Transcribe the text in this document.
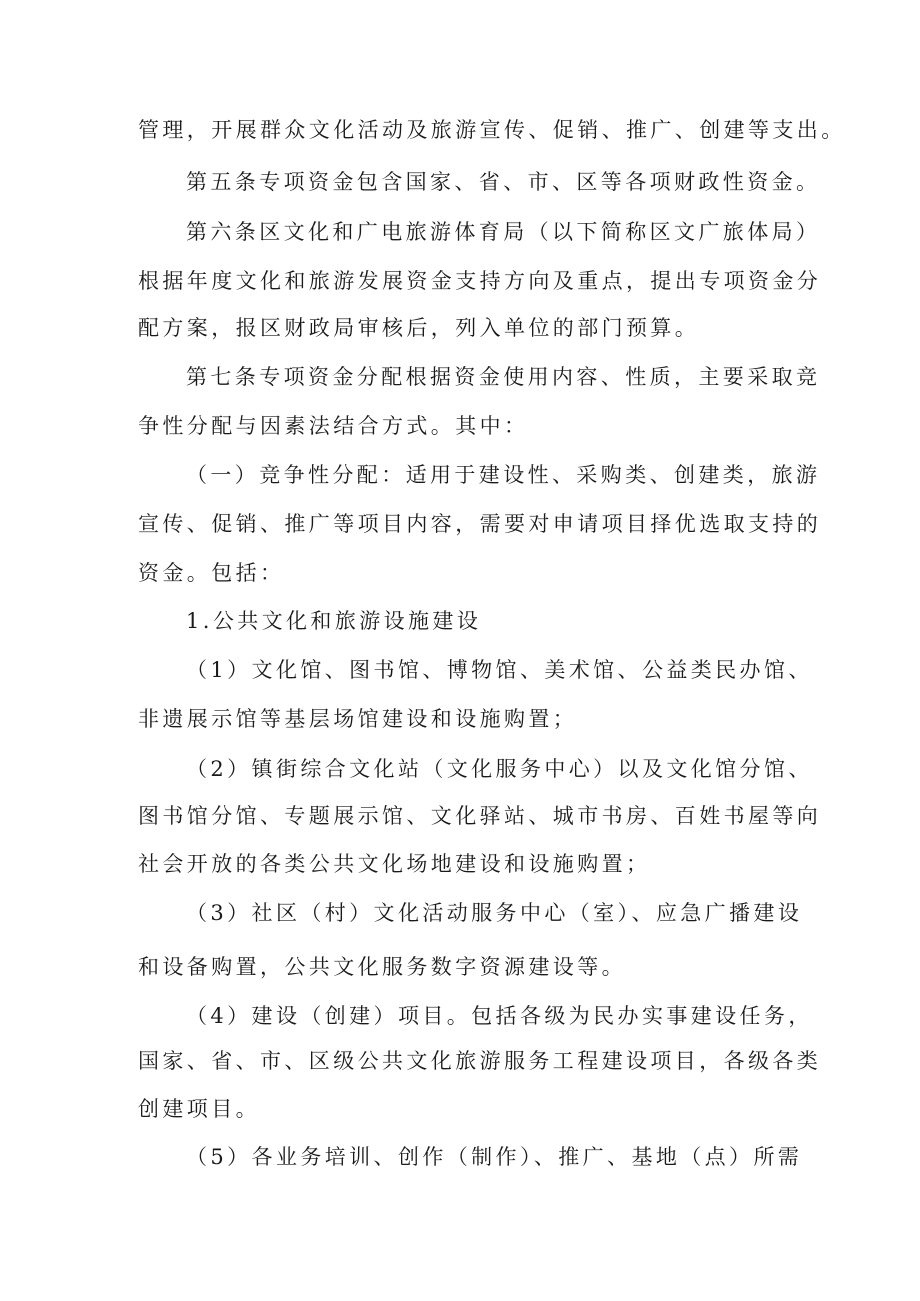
管理，开展群众文化活动及旅游宣传、促销、推广、创建等支出。
第五条专项资金包含国家、省、市、区等各项财政性资金。
第六条区文化和广电旅游体育局（以下简称区文广旅体局）
根据年度文化和旅游发展资金支持方向及重点，提出专项资金分
配方案，报区财政局审核后，列入单位的部门预算。
第七条专项资金分配根据资金使用内容、性质，主要采取竞
争性分配与因素法结合方式。其中：
（一）竞争性分配：适用于建设性、采购类、创建类，旅游
宣传、促销、推广等项目内容，需要对申请项目择优选取支持的
资金。包括：
1.公共文化和旅游设施建设
（1）文化馆、图书馆、博物馆、美术馆、公益类民办馆、
非遗展示馆等基层场馆建设和设施购置；
（2）镇街综合文化站（文化服务中心）以及文化馆分馆、
图书馆分馆、专题展示馆、文化驿站、城市书房、百姓书屋等向
社会开放的各类公共文化场地建设和设施购置；
（3）社区（村）文化活动服务中心（室）、应急广播建设
和设备购置，公共文化服务数字资源建设等。
（4）建设（创建）项目。包括各级为民办实事建设任务，
国家、省、市、区级公共文化旅游服务工程建设项目，各级各类
创建项目。
（5）各业务培训、创作（制作）、推广、基地（点）所需
